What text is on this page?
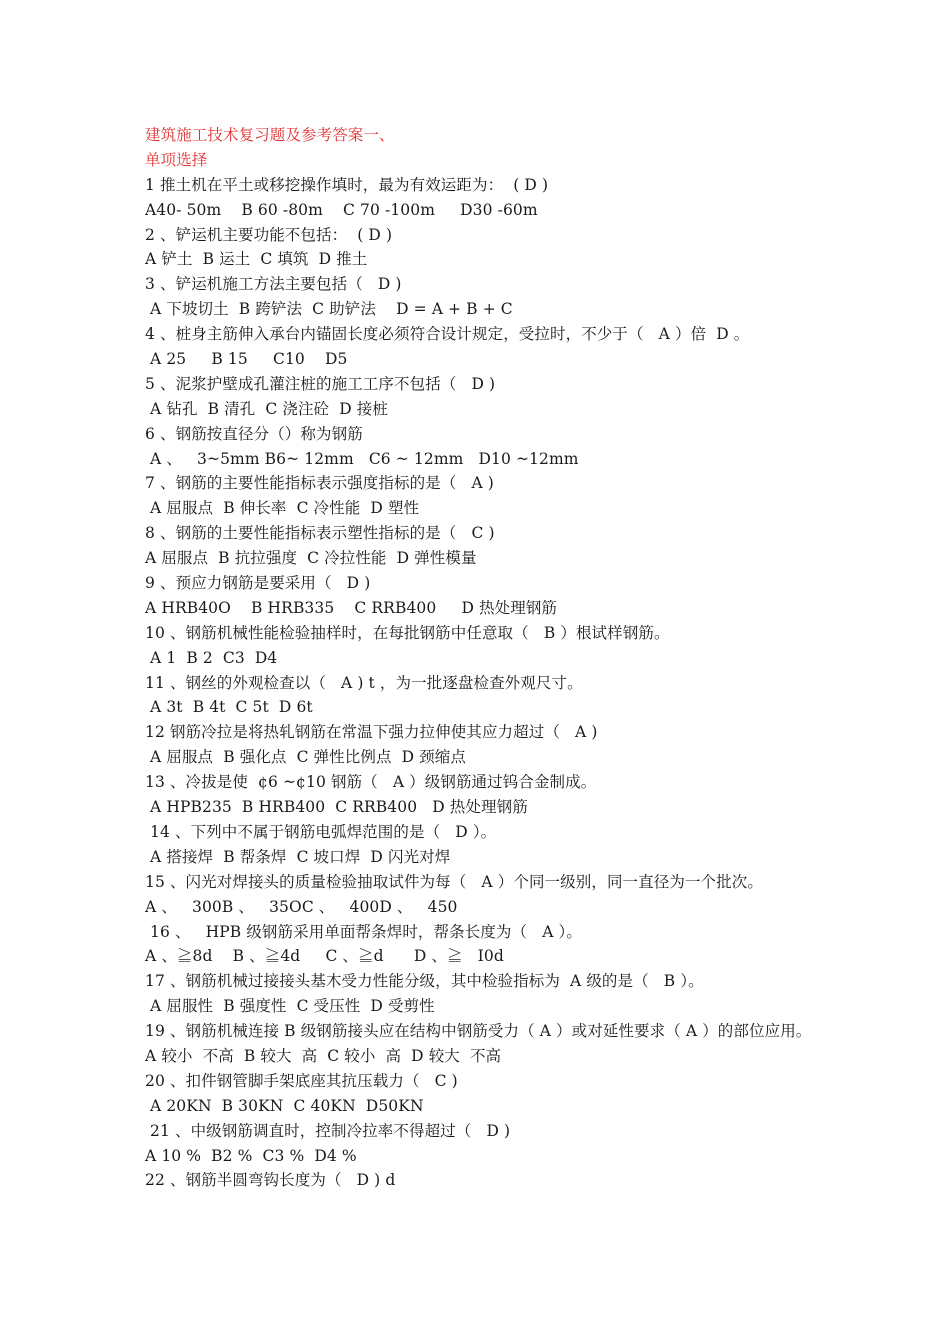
建筑施工技术复习题及参考答案一、
单项选择
1 推土机在平土或移挖操作填时，最为有效运距为：  ( D )
A40- 50m    B 60 -80m    C 70 -100m     D30 -60m
2 、铲运机主要功能不包括：  ( D )
A 铲土  B 运土  C 填筑  D 推土
3 、铲运机施工方法主要包括（   D )
A 下坡切土  B 跨铲法  C 助铲法    D = A + B + C
4 、桩身主筋伸入承台内锚固长度必须符合设计规定，受拉时，不少于（   A ）倍  D 。
A 25     B 15     C10    D5
5 、泥浆护壁成孔灌注桩的施工工序不包括（   D )
A 钻孔  B 清孔  C 浇注砼  D 接桩
6 、钢筋按直径分（）称为钢筋
A 、   3~5mm B6~ 12mm   C6 ~ 12mm   D10 ~12mm
7 、钢筋的主要性能指标表示强度指标的是（   A )
A 屈服点  B 伸长率  C 冷性能  D 塑性
8 、钢筋的土要性能指标表示塑性指标的是（   C )
A 屈服点  B 抗拉强度  C 冷拉性能  D 弹性模量
9 、预应力钢筋是要采用（   D )
A HRB40O    B HRB335    C RRB400     D 热处理钢筋
10 、钢筋机械性能检验抽样时，在每批钢筋中任意取（   B ）根试样钢筋。
A 1  B 2  C3  D4
11 、钢丝的外观检查以（   A ) t ，为一批逐盘检查外观尺寸。
A 3t  B 4t  C 5t  D 6t
12 钢筋冷拉是将热轧钢筋在常温下强力拉伸使其应力超过（   A )
A 屈服点  B 强化点  C 弹性比例点  D 颈缩点
13 、冷拔是使  ¢6 ~¢10 钢筋（   A ）级钢筋通过钨合金制成。
A HPB235  B HRB400  C RRB400   D 热处理钢筋
14 、下列中不属于钢筋电弧焊范围的是（   D ）。
A 搭接焊  B 帮条焊  C 坡口焊  D 闪光对焊
15 、闪光对焊接头的质量检验抽取试件为每（   A ）个同一级别，同一直径为一个批次。
A 、   300B 、   35OC 、   400D 、   450
16 、   HPB 级钢筋采用单面帮条焊时，帮条长度为（   A ）。
A 、≧8d    B 、≧4d     C 、≧d      D 、≧   I0d
17 、钢筋机械过接接头基木受力性能分级，其中检验指标为  A 级的是（   B ）。
A 屈服性  B 强度性  C 受压性  D 受剪性
19 、钢筋机械连接 B 级钢筋接头应在结构中钢筋受力（ A ）或对延性要求（ A ）的部位应用。
A 较小  不高  B 较大  高  C 较小  高  D 较大  不高
20 、扣件钢管脚手架底座其抗压载力（   C )
A 20KN  B 30KN  C 40KN  D50KN
21 、中级钢筋调直时，控制冷拉率不得超过（   D )
A 10 %  B2 %  C3 %  D4 %
22 、钢筋半圆弯钩长度为（   D ) d
